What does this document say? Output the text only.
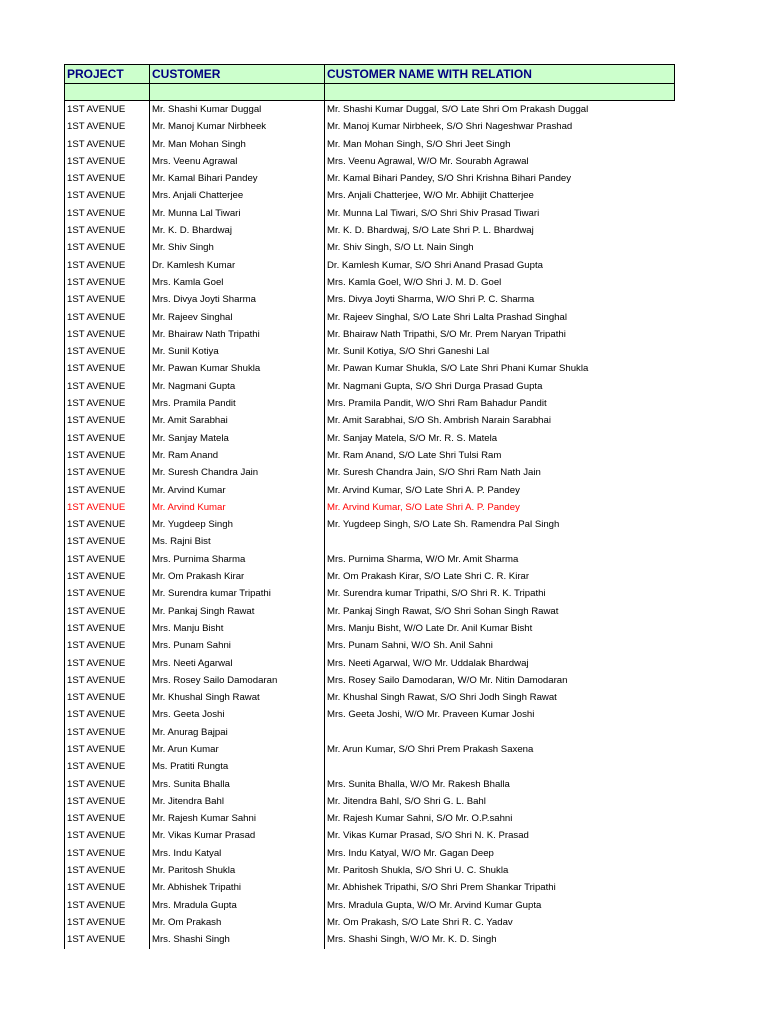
PROJECT	CUSTOMER	CUSTOMER NAME WITH RELATION
1ST AVENUE	Mr. Shashi Kumar Duggal	Mr. Shashi Kumar Duggal, S/O Late Shri Om Prakash Duggal
1ST AVENUE	Mr. Manoj Kumar Nirbheek	Mr. Manoj Kumar Nirbheek, S/O Shri Nageshwar Prashad
1ST AVENUE	Mr. Man Mohan Singh	Mr. Man Mohan Singh, S/O Shri Jeet Singh
1ST AVENUE	Mrs. Veenu Agrawal	Mrs. Veenu Agrawal, W/O Mr. Sourabh Agrawal
1ST AVENUE	Mr. Kamal Bihari Pandey	Mr. Kamal Bihari Pandey, S/O Shri Krishna Bihari Pandey
1ST AVENUE	Mrs. Anjali Chatterjee	Mrs. Anjali Chatterjee, W/O Mr. Abhijit Chatterjee
1ST AVENUE	Mr. Munna Lal Tiwari	Mr. Munna Lal Tiwari, S/O Shri Shiv Prasad Tiwari
1ST AVENUE	Mr. K. D. Bhardwaj	Mr. K. D. Bhardwaj, S/O Late Shri P. L. Bhardwaj
1ST AVENUE	Mr. Shiv Singh	Mr. Shiv Singh, S/O Lt. Nain Singh
1ST AVENUE	Dr. Kamlesh Kumar	Dr. Kamlesh Kumar, S/O Shri Anand Prasad Gupta
1ST AVENUE	Mrs. Kamla Goel	Mrs. Kamla Goel, W/O Shri J. M. D. Goel
1ST AVENUE	Mrs. Divya Joyti Sharma	Mrs. Divya Joyti Sharma, W/O Shri P. C. Sharma
1ST AVENUE	Mr. Rajeev Singhal	Mr. Rajeev Singhal, S/O Late Shri Lalta Prashad Singhal
1ST AVENUE	Mr. Bhairaw Nath Tripathi	Mr. Bhairaw Nath Tripathi, S/O Mr. Prem Naryan Tripathi
1ST AVENUE	Mr. Sunil Kotiya	Mr. Sunil Kotiya, S/O Shri Ganeshi Lal
1ST AVENUE	Mr. Pawan Kumar Shukla	Mr. Pawan Kumar Shukla, S/O Late Shri Phani Kumar Shukla
1ST AVENUE	Mr. Nagmani Gupta	Mr. Nagmani Gupta, S/O Shri Durga Prasad Gupta
1ST AVENUE	Mrs. Pramila Pandit	Mrs. Pramila Pandit, W/O Shri Ram Bahadur Pandit
1ST AVENUE	Mr. Amit Sarabhai	Mr. Amit Sarabhai, S/O Sh. Ambrish Narain Sarabhai
1ST AVENUE	Mr. Sanjay Matela	Mr. Sanjay Matela, S/O Mr. R. S. Matela
1ST AVENUE	Mr. Ram Anand	Mr. Ram Anand, S/O Late Shri Tulsi Ram
1ST AVENUE	Mr. Suresh Chandra Jain	Mr. Suresh Chandra Jain, S/O Shri Ram Nath Jain
1ST AVENUE	Mr. Arvind Kumar	Mr. Arvind Kumar, S/O Late Shri A. P. Pandey
1ST AVENUE	Mr. Arvind Kumar	Mr. Arvind Kumar, S/O Late Shri A. P. Pandey
1ST AVENUE	Mr. Yugdeep Singh	Mr. Yugdeep Singh, S/O Late Sh. Ramendra Pal Singh
1ST AVENUE	Ms. Rajni Bist
1ST AVENUE	Mrs. Purnima Sharma	Mrs. Purnima Sharma, W/O Mr. Amit Sharma
1ST AVENUE	Mr. Om Prakash Kirar	Mr. Om Prakash Kirar, S/O Late Shri C. R. Kirar
1ST AVENUE	Mr. Surendra kumar Tripathi	Mr. Surendra kumar Tripathi, S/O Shri R. K. Tripathi
1ST AVENUE	Mr. Pankaj Singh Rawat	Mr. Pankaj Singh Rawat, S/O Shri Sohan Singh Rawat
1ST AVENUE	Mrs. Manju Bisht	Mrs. Manju Bisht, W/O Late Dr. Anil Kumar Bisht
1ST AVENUE	Mrs. Punam Sahni	Mrs. Punam Sahni, W/O Sh. Anil Sahni
1ST AVENUE	Mrs. Neeti Agarwal	Mrs. Neeti Agarwal, W/O Mr. Uddalak Bhardwaj
1ST AVENUE	Mrs. Rosey Sailo Damodaran	Mrs. Rosey Sailo Damodaran, W/O Mr. Nitin Damodaran
1ST AVENUE	Mr. Khushal Singh Rawat	Mr. Khushal Singh Rawat, S/O Shri Jodh Singh Rawat
1ST AVENUE	Mrs. Geeta Joshi	Mrs. Geeta Joshi, W/O Mr. Praveen Kumar Joshi
1ST AVENUE	Mr. Anurag Bajpai
1ST AVENUE	Mr. Arun Kumar	Mr. Arun Kumar, S/O Shri Prem Prakash Saxena
1ST AVENUE	Ms. Pratiti Rungta
1ST AVENUE	Mrs. Sunita Bhalla	Mrs. Sunita Bhalla, W/O Mr. Rakesh Bhalla
1ST AVENUE	Mr. Jitendra Bahl	Mr. Jitendra Bahl, S/O Shri G. L. Bahl
1ST AVENUE	Mr. Rajesh Kumar Sahni	Mr. Rajesh Kumar Sahni, S/O Mr. O.P.sahni
1ST AVENUE	Mr. Vikas Kumar Prasad	Mr. Vikas Kumar Prasad, S/O Shri N. K. Prasad
1ST AVENUE	Mrs. Indu Katyal	Mrs. Indu Katyal, W/O Mr. Gagan Deep
1ST AVENUE	Mr. Paritosh Shukla	Mr. Paritosh Shukla, S/O Shri U. C. Shukla
1ST AVENUE	Mr. Abhishek Tripathi	Mr. Abhishek Tripathi, S/O Shri Prem Shankar Tripathi
1ST AVENUE	Mrs. Mradula Gupta	Mrs. Mradula Gupta, W/O Mr. Arvind Kumar Gupta
1ST AVENUE	Mr. Om Prakash	Mr. Om Prakash, S/O Late Shri R. C. Yadav
1ST AVENUE	Mrs. Shashi Singh	Mrs. Shashi Singh, W/O Mr. K. D. Singh
